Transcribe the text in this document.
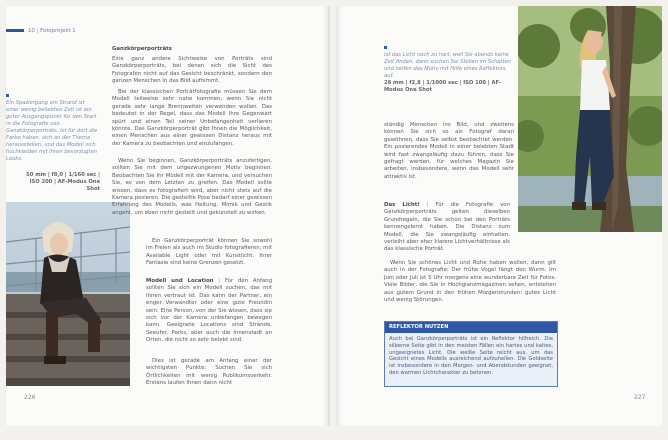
10 | Fotoprojekt 1
Ein Spaziergang am Strand ist einer wenig beliebten Zeit ist ein guter Ausgangspunkt für den Start in die Fotografie von Ganzkörperporträts. Ist für dort die Farbe haben, sich an der Thema herausstellen, und das Modell sich hochkleiden mit ihren bevorzugten Looks.
50 mm | f8,0 | 1/160 sec | ISO 200 | AF-Modus One Shot
Ganzkörperporträts

Eine ganz andere Sichtweise von Porträts sind Ganzkörperporträts, bei denen sich die Sicht des Fotografen nicht auf das Gesicht beschränkt, sondern den ganzen Menschen in das Bild aufnimmt.

Bei der klassischen Porträtfotografie müssen Sie dem Modell teilweise sehr nahe kommen, wenn Sie nicht gerade sehr lange Brennweiten verwenden wollen. Das bedeutet in der Regel, dass das Modell Ihre Gegenwart spürt und einen Teil seiner Unbefangenheit verlieren könnte. Das Ganzkörperporträt gibt Ihnen die Möglichkeit, einen Menschen aus einer gewissen Distanz heraus mit der Kamera zu beobachten und einzufangen.

Wenn Sie beginnen, Ganzkörperporträts anzufertigen, sollten Sie mit dem ungezwungenen Motiv beginnen. Beobachten Sie Ihr Modell mit der Kamera, und versuchen Sie, es von dem Letzten zu greifen. Das Modell sollte wissen, dass es fotografiert wird, aber nicht stets auf die Kamera posieren. Die gestellte Pose bedarf einer gewissen Erfahrung des Modells, was Haltung, Mimik und Gestik angeht, um eben nicht gestellt und gekünstelt zu wirken.

Ein Ganzkörperporträt können Sie sowohl im Freien als auch im Studio fotografieren, mit Available Light oder mit Kunstlicht. Ihrer Fantasie sind keine Grenzen gesetzt.

Modell und Location | Für den Anfang sollten Sie sich ein Modell suchen, das mit Ihnen vertraut ist. Das kann der Partner, ein enger Verwandter oder eine gute Freundin sein. Eine Person, von der Sie wissen, dass sie sich vor der Kamera unbefangen bewegen kann. Geeignete Locations sind Strände, Seeufer, Parks, aber auch die Innenstadt an Orten, die nicht so sehr belebt sind.

Dies ist gerade am Anfang einer der wichtigsten Punkte: Suchen Sie sich Örtlichkeiten mit wenig Publikumsverkehr. Erstens laufen Ihnen dann nicht

226
Ist das Licht noch zu hart, weil Sie abends keine Zeit finden, dann suchen Sie Stellen im Schatten und helfen das Motiv mit Hilfe eines Reflektors auf.
28 mm | f2,8 | 1/1000 sec | ISO 100 | AF-Modus One Shot

ständig Menschen ins Bild, und zweitens können Sie sich so als Fotograf daran gewöhnen, dass Sie selbst beobachtet werden. Ein posierendes Modell in einer belebten Stadt wird fast zwangsläufig dazu führen, dass Sie gefragt werden, für welches Magazin Sie arbeiten, insbesondere, wenn das Modell sehr attraktiv ist.

Das Licht! | Für die Fotografie von Ganzkörperporträts gelten dieselben Grundregeln, die Sie schon bei den Porträts kennengelernt haben. Die Distanz zum Modell, die Sie zwangsläufig einhalten, verleiht aber eher klarere Lichtverhältnisse als das klassische Porträt.

Wenn Sie schönes Licht und Ruhe haben wollen, dann gilt auch in der Fotografie: Der frühe Vogel fängt den Wurm. Im Juni oder Juli ist 5 Uhr morgens eine wunderbare Zeit für Fotos. Viele Bilder, die Sie in Hochglanzmagazinen sehen, entstehen aus gutem Grund in den frühen Morgenstunden: gutes Licht und wenig Störungen.

REFLEKTOR NUTZEN
Auch bei Ganzkörperporträts ist ein Reflektor hilfreich. Die silberne Seite gibt in den meisten Fällen ein hartes und kaltes, ungeeignetes Licht. Die weiße Seite reicht aus, um das Gesicht eines Modells ausreichend aufzuhellen. Die Goldseite ist insbesondere in den Morgen- und Abendstunden geeignet, den warmen Lichtcharakter zu betonen.
227
